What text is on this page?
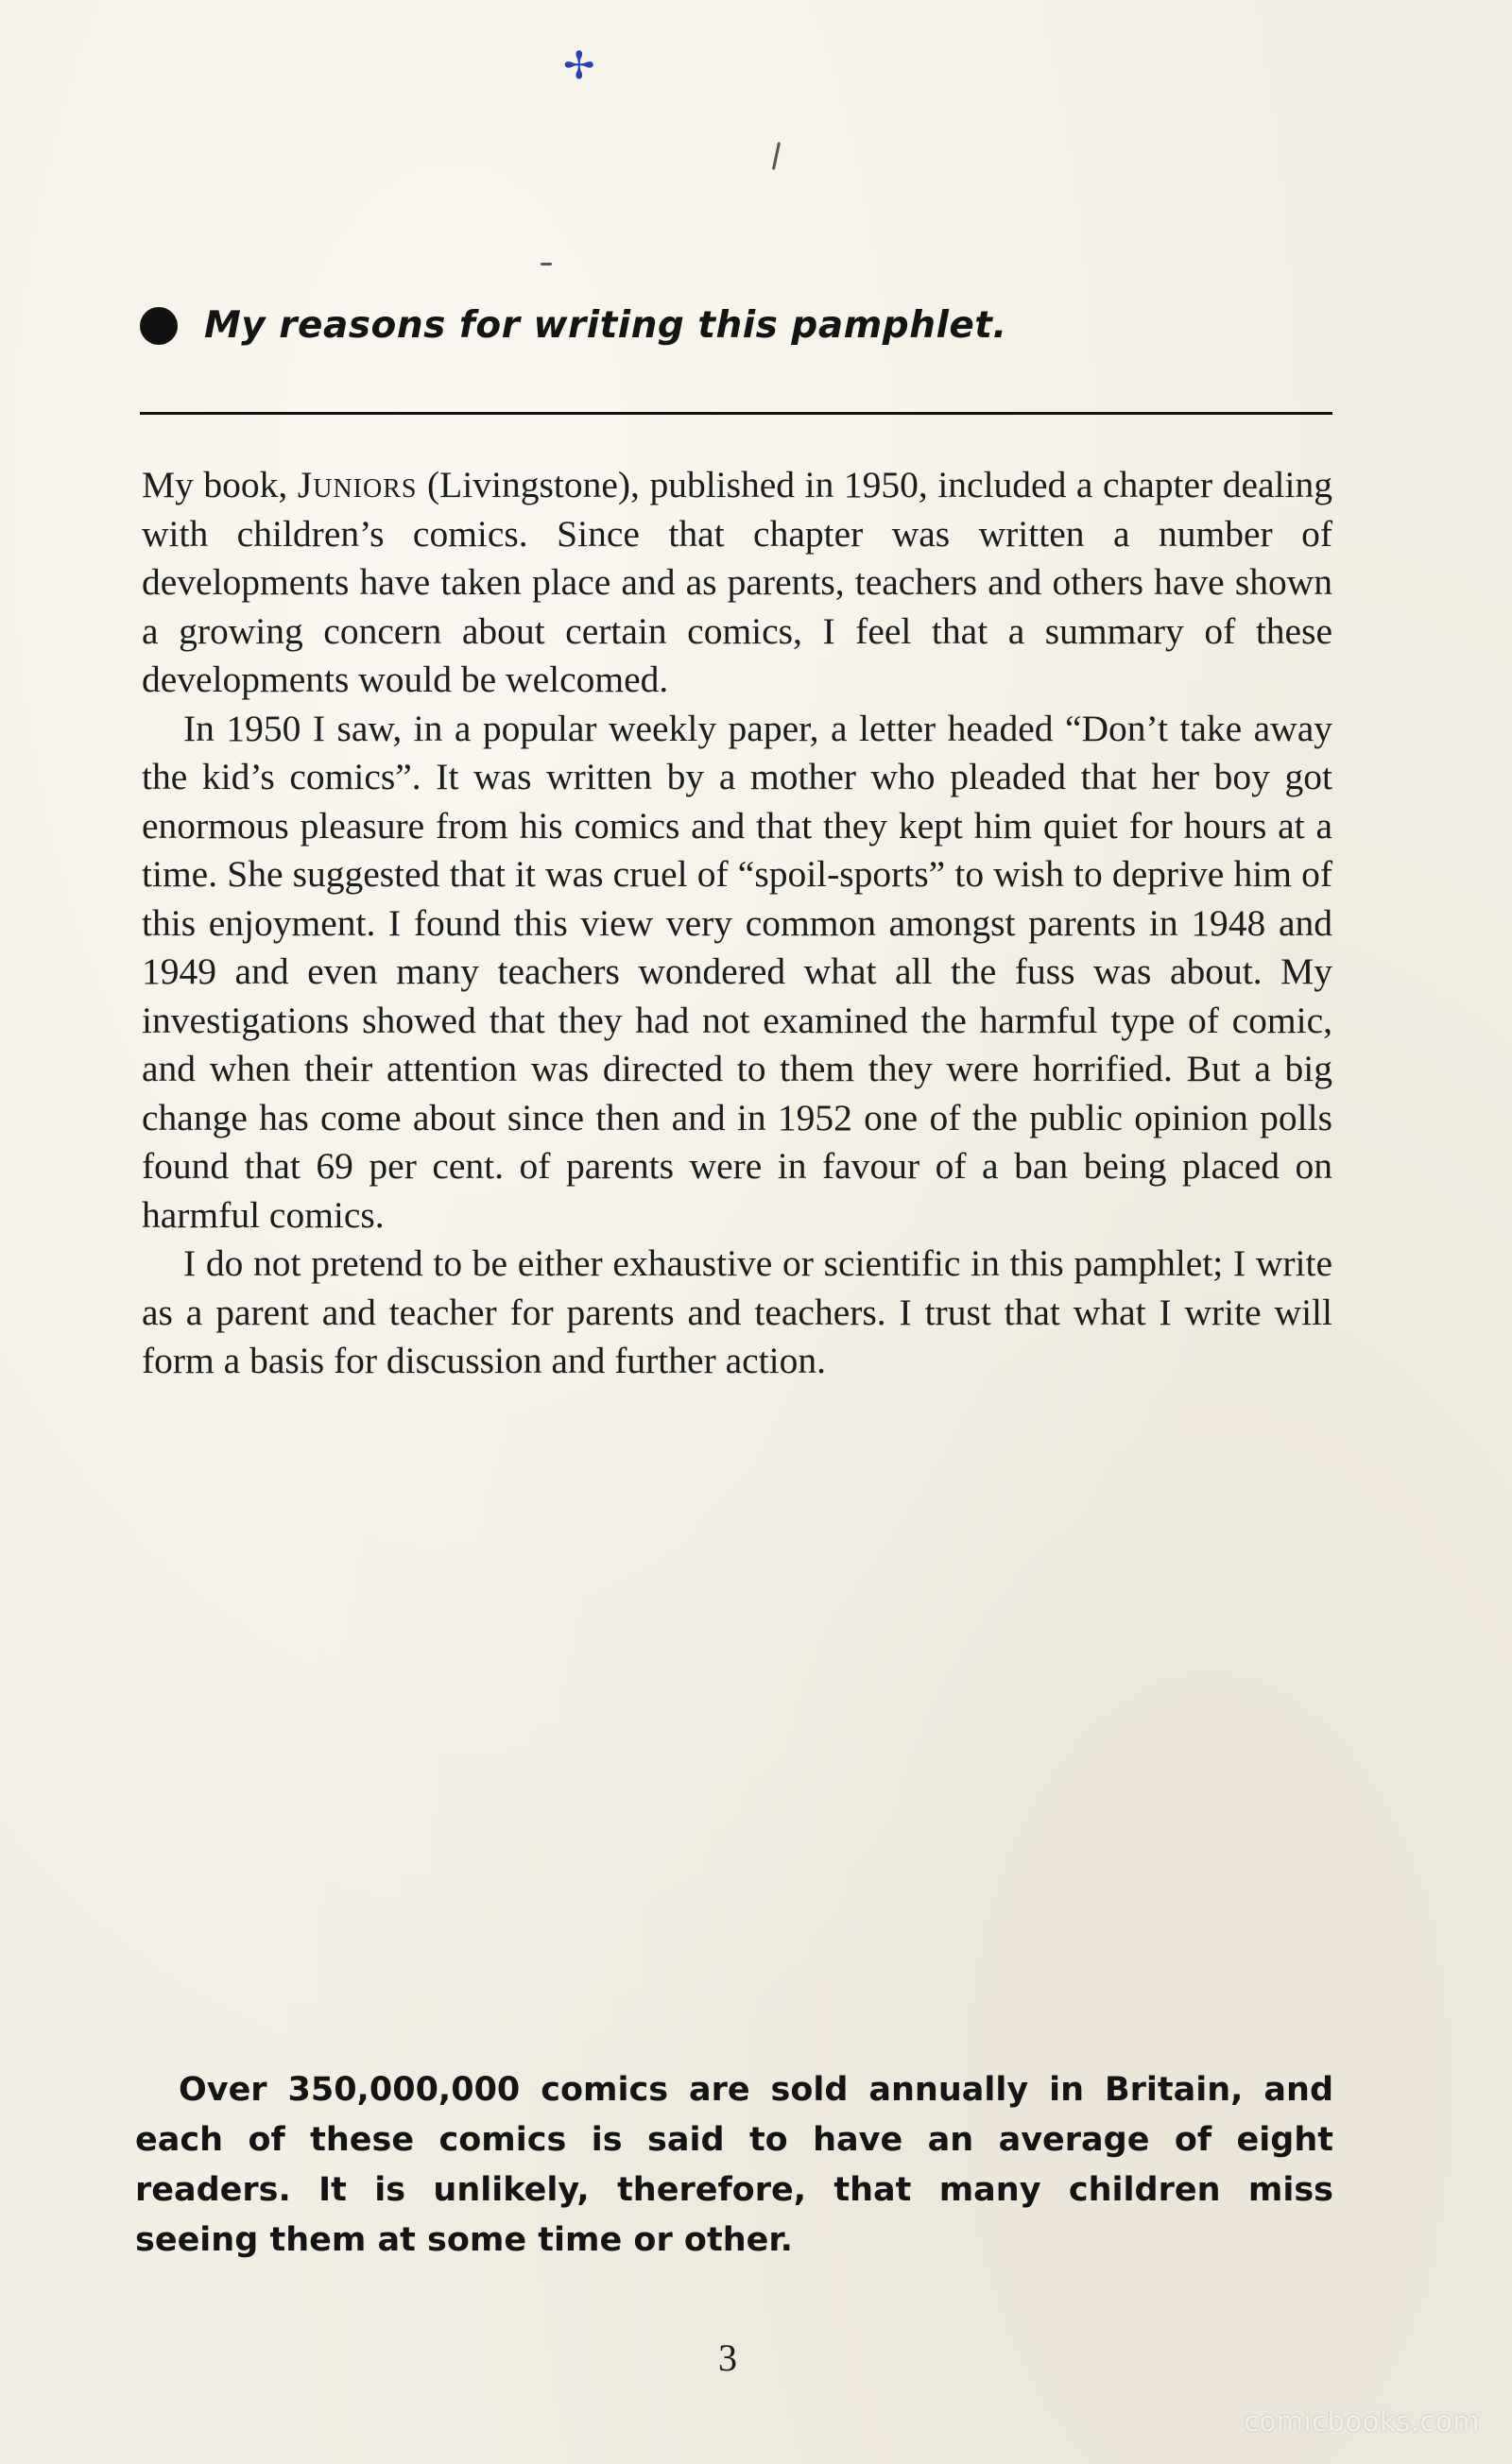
✢
My reasons for writing this pamphlet.

My book, Juniors (Livingstone), published in 1950, included a chapter dealing with children’s comics. Since that chapter was written a number of developments have taken place and as parents, teachers and others have shown a growing concern about certain comics, I feel that a summary of these developments would be welcomed.

In 1950 I saw, in a popular weekly paper, a letter headed “Don’t take away the kid’s comics”. It was written by a mother who pleaded that her boy got enormous pleasure from his comics and that they kept him quiet for hours at a time. She suggested that it was cruel of “spoil-sports” to wish to deprive him of this enjoyment. I found this view very common amongst parents in 1948 and 1949 and even many teachers wondered what all the fuss was about. My investigations showed that they had not examined the harmful type of comic, and when their attention was directed to them they were horrified. But a big change has come about since then and in 1952 one of the public opinion polls found that 69 per cent. of parents were in favour of a ban being placed on harmful comics.

I do not pretend to be either exhaustive or scientific in this pamphlet; I write as a parent and teacher for parents and teachers. I trust that what I write will form a basis for discussion and further action.

Over 350,000,000 comics are sold annually in Britain, and each of these comics is said to have an average of eight readers. It is unlikely, therefore, that many children miss seeing them at some time or other.

3
comicbooks.com
